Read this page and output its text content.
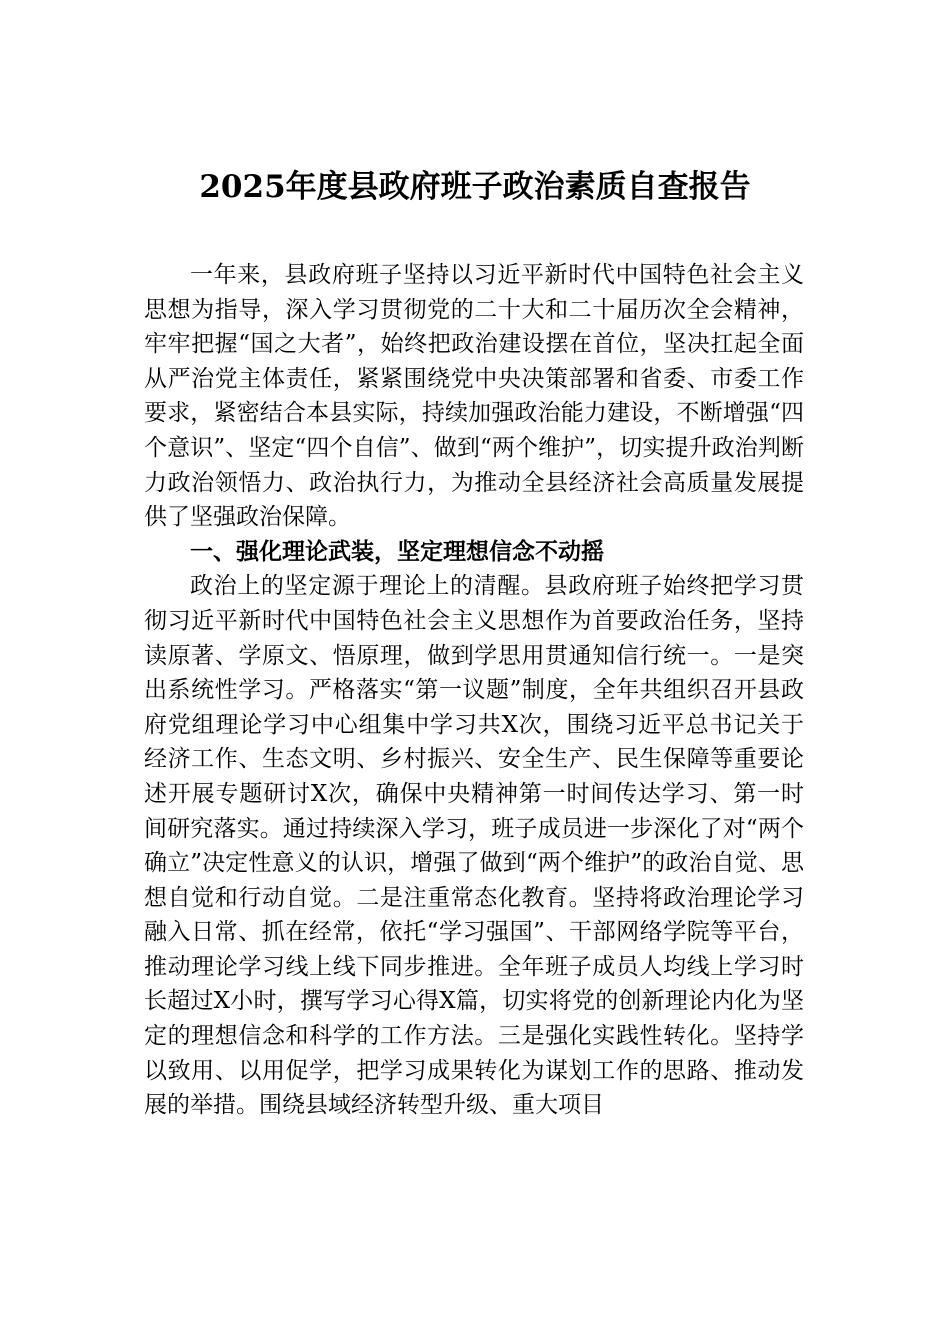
2025年度县政府班子政治素质自查报告

一年来，县政府班子坚持以习近平新时代中国特色社会主义思想为指导，深入学习贯彻党的二十大和二十届历次全会精神，牢牢把握“国之大者”，始终把政治建设摆在首位，坚决扛起全面从严治党主体责任，紧紧围绕党中央决策部署和省委、市委工作要求，紧密结合本县实际，持续加强政治能力建设，不断增强“四个意识”、坚定“四个自信”、做到“两个维护”，切实提升政治判断力政治领悟力、政治执行力，为推动全县经济社会高质量发展提供了坚强政治保障。

一、强化理论武装，坚定理想信念不动摇

政治上的坚定源于理论上的清醒。县政府班子始终把学习贯彻习近平新时代中国特色社会主义思想作为首要政治任务，坚持读原著、学原文、悟原理，做到学思用贯通知信行统一。一是突出系统性学习。严格落实“第一议题”制度，全年共组织召开县政府党组理论学习中心组集中学习共X次，围绕习近平总书记关于经济工作、生态文明、乡村振兴、安全生产、民生保障等重要论述开展专题研讨X次，确保中央精神第一时间传达学习、第一时间研究落实。通过持续深入学习，班子成员进一步深化了对“两个确立”决定性意义的认识，增强了做到“两个维护”的政治自觉、思想自觉和行动自觉。二是注重常态化教育。坚持将政治理论学习融入日常、抓在经常，依托“学习强国”、干部网络学院等平台，推动理论学习线上线下同步推进。全年班子成员人均线上学习时长超过X小时，撰写学习心得X篇，切实将党的创新理论内化为坚定的理想信念和科学的工作方法。三是强化实践性转化。坚持学以致用、以用促学，把学习成果转化为谋划工作的思路、推动发展的举措。围绕县域经济转型升级、重大项目
